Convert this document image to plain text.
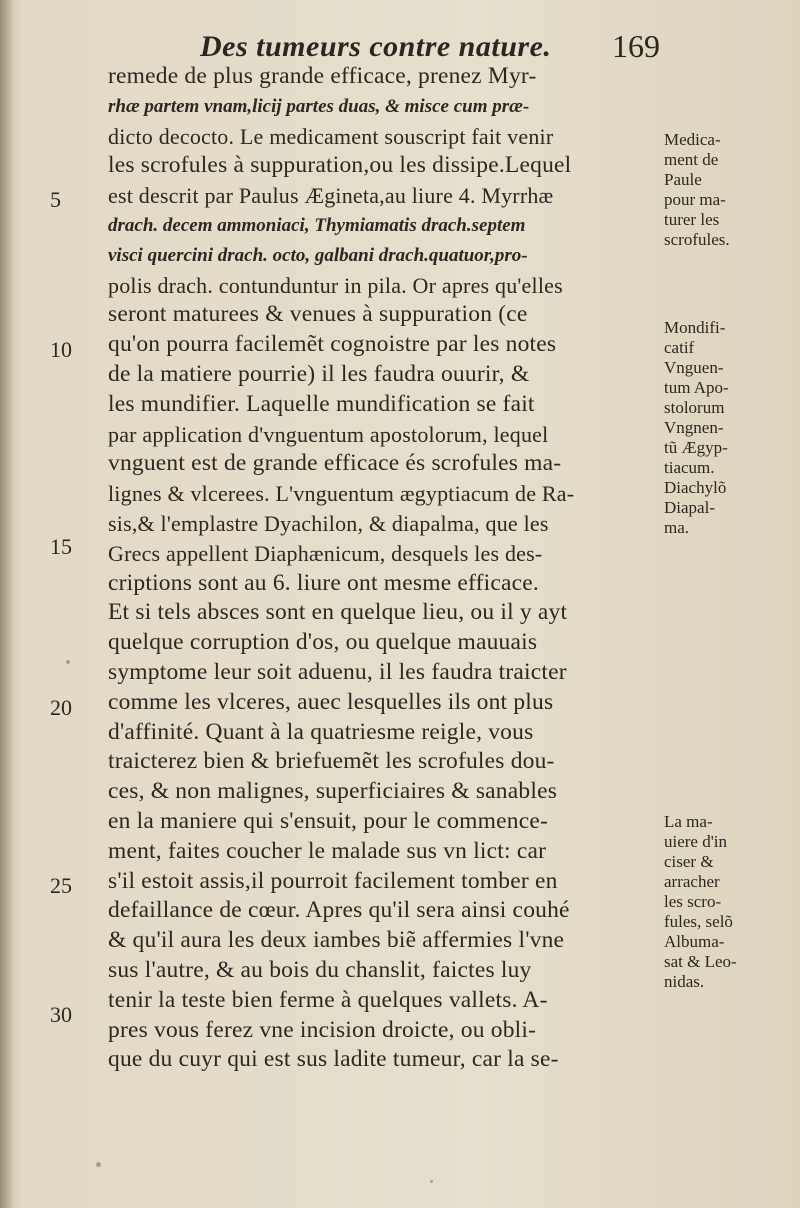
Des tumeurs contre nature. 169
5
10
15
20
25
30
remede de plus grande efficace, prenez Myr-
rhæ partem vnam,licij partes duas, & misce cum præ-
dicto decocto. Le medicament souscript fait venir
les scrofules à suppuration,ou les dissipe.Lequel
est descrit par Paulus Ægineta,au liure 4. Myrrhæ
drach. decem ammoniaci, Thymiamatis drach.septem
visci quercini drach. octo, galbani drach.quatuor,pro-
polis drach. contunduntur in pila. Or apres qu'elles
seront maturees & venues à suppuration (ce
qu'on pourra facilemẽt cognoistre par les notes
de la matiere pourrie) il les faudra ouurir, &
les mundifier. Laquelle mundification se fait
par application d'vnguentum apostolorum, lequel
vnguent est de grande efficace és scrofules ma-
lignes & vlcerees. L'vnguentum ægyptiacum de Ra-
sis,& l'emplastre Dyachilon, & diapalma, que les
Grecs appellent Diaphænicum, desquels les des-
criptions sont au 6. liure ont mesme efficace.
Et si tels absces sont en quelque lieu, ou il y ayt
quelque corruption d'os, ou quelque mauuais
symptome leur soit aduenu, il les faudra traicter
comme les vlceres, auec lesquelles ils ont plus
d'affinité. Quant à la quatriesme reigle, vous
traicterez bien & briefuemẽt les scrofules dou-
ces, & non malignes, superficiaires & sanables
en la maniere qui s'ensuit, pour le commence-
ment, faites coucher le malade sus vn lict: car
s'il estoit assis,il pourroit facilement tomber en
defaillance de cœur. Apres qu'il sera ainsi couhé
& qu'il aura les deux iambes biẽ affermies l'vne
sus l'autre, & au bois du chanslit, faictes luy
tenir la teste bien ferme à quelques vallets. A-
pres vous ferez vne incision droicte, ou obli-
que du cuyr qui est sus ladite tumeur, car la se-
Medica-
ment de
Paule
pour ma-
turer les
scrofules.
Mondifi-
catif
Vnguen-
tum Apo-
stolorum
Vngnen-
tũ Ægyp-
tiacum.
Diachylõ
Diapal-
ma.
La ma-
uiere d'in
ciser &
arracher
les scro-
fules, selõ
Albuma-
sat & Leo-
nidas.
